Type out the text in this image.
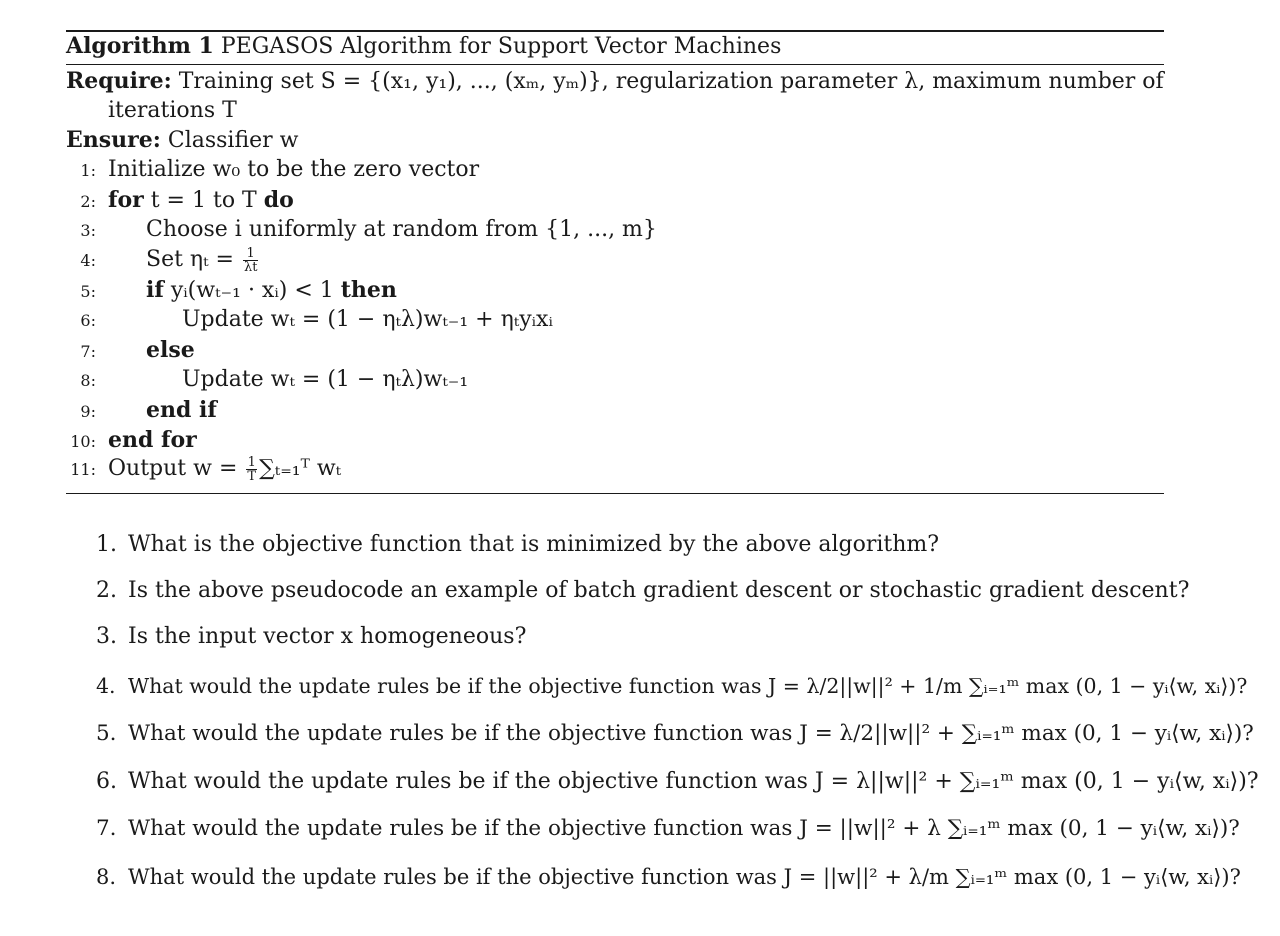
Algorithm 1 PEGASOS Algorithm for Support Vector Machines
Require: Training set S = {(x₁, y₁), ..., (xₘ, yₘ)}, regularization parameter λ, maximum number of
iterations T
Ensure: Classifier w
1: Initialize w₀ to be the zero vector
2: for t = 1 to T do
3: Choose i uniformly at random from {1, ..., m}
4: Set $\eta_t = \frac{1}{\lambda t}$
5: if yᵢ(wₜ₋₁ · xᵢ) < 1 then
6:	Update wₜ = (1 − ηₜλ)wₜ₋₁ + ηₜyᵢxᵢ
7: else
8:	Update wₜ = (1 − ηₜλ)wₜ₋₁
9: end if
10: end for
11: Output $w = \frac{1}{T}$ ∑ₜ₌₁ᵀ wₜ
1. What is the objective function that is minimized by the above algorithm?
2. Is the above pseudocode an example of batch gradient descent or stochastic gradient descent?
3. Is the input vector x homogeneous?
4. What would the update rules be if the objective function was J = λ/2||w||² + 1/m ∑ᵢ₌₁ᵐ max (0, 1 − yᵢ⟨w, xᵢ⟩)?
5. What would the update rules be if the objective function was J = λ/2||w||² + ∑ᵢ₌₁ᵐ max (0, 1 − yᵢ⟨w, xᵢ⟩)?
6. What would the update rules be if the objective function was J = λ||w||² + ∑ᵢ₌₁ᵐ max (0, 1 − yᵢ⟨w, xᵢ⟩)?
7. What would the update rules be if the objective function was J = ||w||² + λ ∑ᵢ₌₁ᵐ max (0, 1 − yᵢ⟨w, xᵢ⟩)?
8. What would the update rules be if the objective function was J = ||w||² + λ/m ∑ᵢ₌₁ᵐ max (0, 1 − yᵢ⟨w, xᵢ⟩)?
